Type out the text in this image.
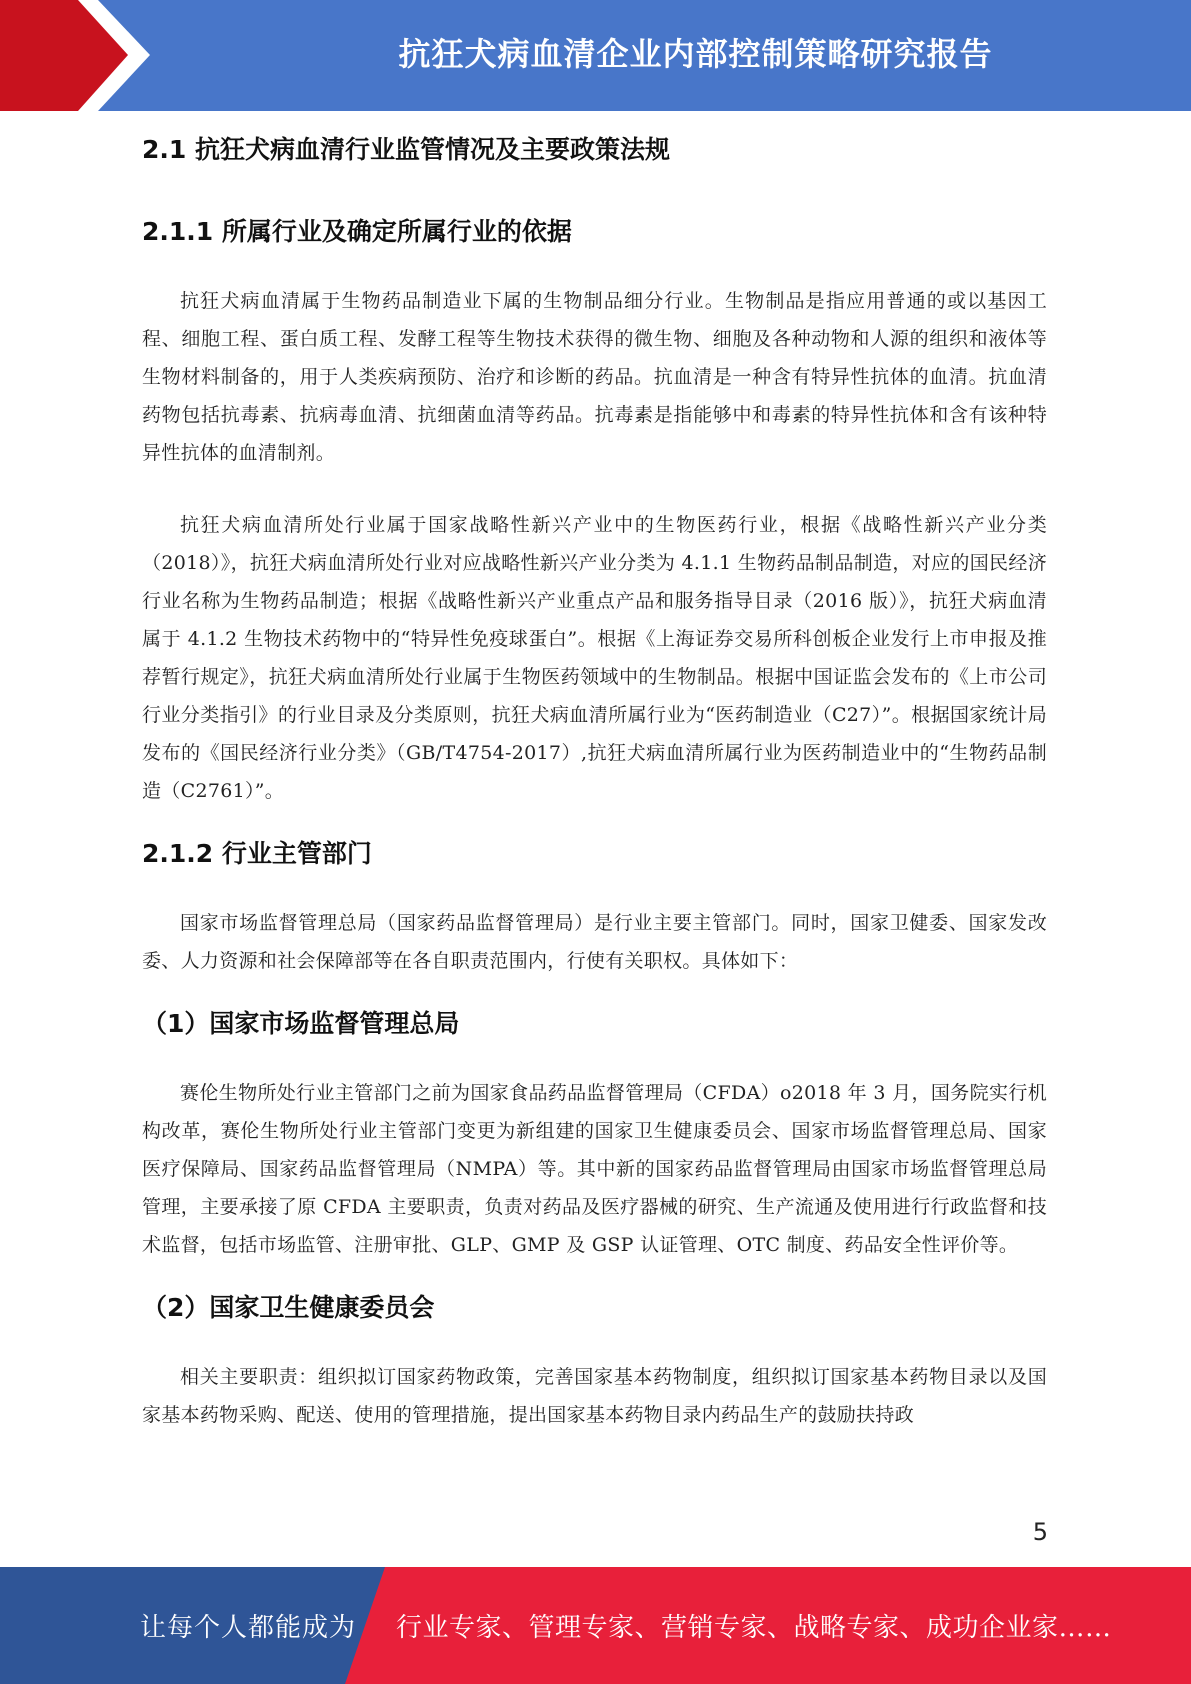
抗狂犬病血清企业内部控制策略研究报告
2.1 抗狂犬病血清行业监管情况及主要政策法规
2.1.1 所属行业及确定所属行业的依据

抗狂犬病血清属于生物药品制造业下属的生物制品细分行业。生物制品是指应用普通的或以基因工程、细胞工程、蛋白质工程、发酵工程等生物技术获得的微生物、细胞及各种动物和人源的组织和液体等生物材料制备的，用于人类疾病预防、治疗和诊断的药品。抗血清是一种含有特异性抗体的血清。抗血清药物包括抗毒素、抗病毒血清、抗细菌血清等药品。抗毒素是指能够中和毒素的特异性抗体和含有该种特异性抗体的血清制剂。

抗狂犬病血清所处行业属于国家战略性新兴产业中的生物医药行业，根据《战略性新兴产业分类（2018）》，抗狂犬病血清所处行业对应战略性新兴产业分类为 4.1.1 生物药品制品制造，对应的国民经济行业名称为生物药品制造；根据《战略性新兴产业重点产品和服务指导目录（2016 版）》，抗狂犬病血清属于 4.1.2 生物技术药物中的“特异性免疫球蛋白”。根据《上海证券交易所科创板企业发行上市申报及推荐暂行规定》，抗狂犬病血清所处行业属于生物医药领域中的生物制品。根据中国证监会发布的《上市公司行业分类指引》的行业目录及分类原则，抗狂犬病血清所属行业为“医药制造业（C27）”。根据国家统计局发布的《国民经济行业分类》（GB/T4754-2017）,抗狂犬病血清所属行业为医药制造业中的“生物药品制造（C2761）”。

2.1.2 行业主管部门

国家市场监督管理总局（国家药品监督管理局）是行业主要主管部门。同时，国家卫健委、国家发改委、人力资源和社会保障部等在各自职责范围内，行使有关职权。具体如下：

（1）国家市场监督管理总局

赛伦生物所处行业主管部门之前为国家食品药品监督管理局（CFDA）o2018 年 3 月，国务院实行机构改革，赛伦生物所处行业主管部门变更为新组建的国家卫生健康委员会、国家市场监督管理总局、国家医疗保障局、国家药品监督管理局（NMPA）等。其中新的国家药品监督管理局由国家市场监督管理总局管理，主要承接了原 CFDA 主要职责，负责对药品及医疗器械的研究、生产流通及使用进行行政监督和技术监督，包括市场监管、注册审批、GLP、GMP 及 GSP 认证管理、OTC 制度、药品安全性评价等。

（2）国家卫生健康委员会

相关主要职责：组织拟订国家药物政策，完善国家基本药物制度，组织拟订国家基本药物目录以及国家基本药物采购、配送、使用的管理措施，提出国家基本药物目录内药品生产的鼓励扶持政

5
让每个人都能成为 行业专家、管理专家、营销专家、战略专家、成功企业家……
